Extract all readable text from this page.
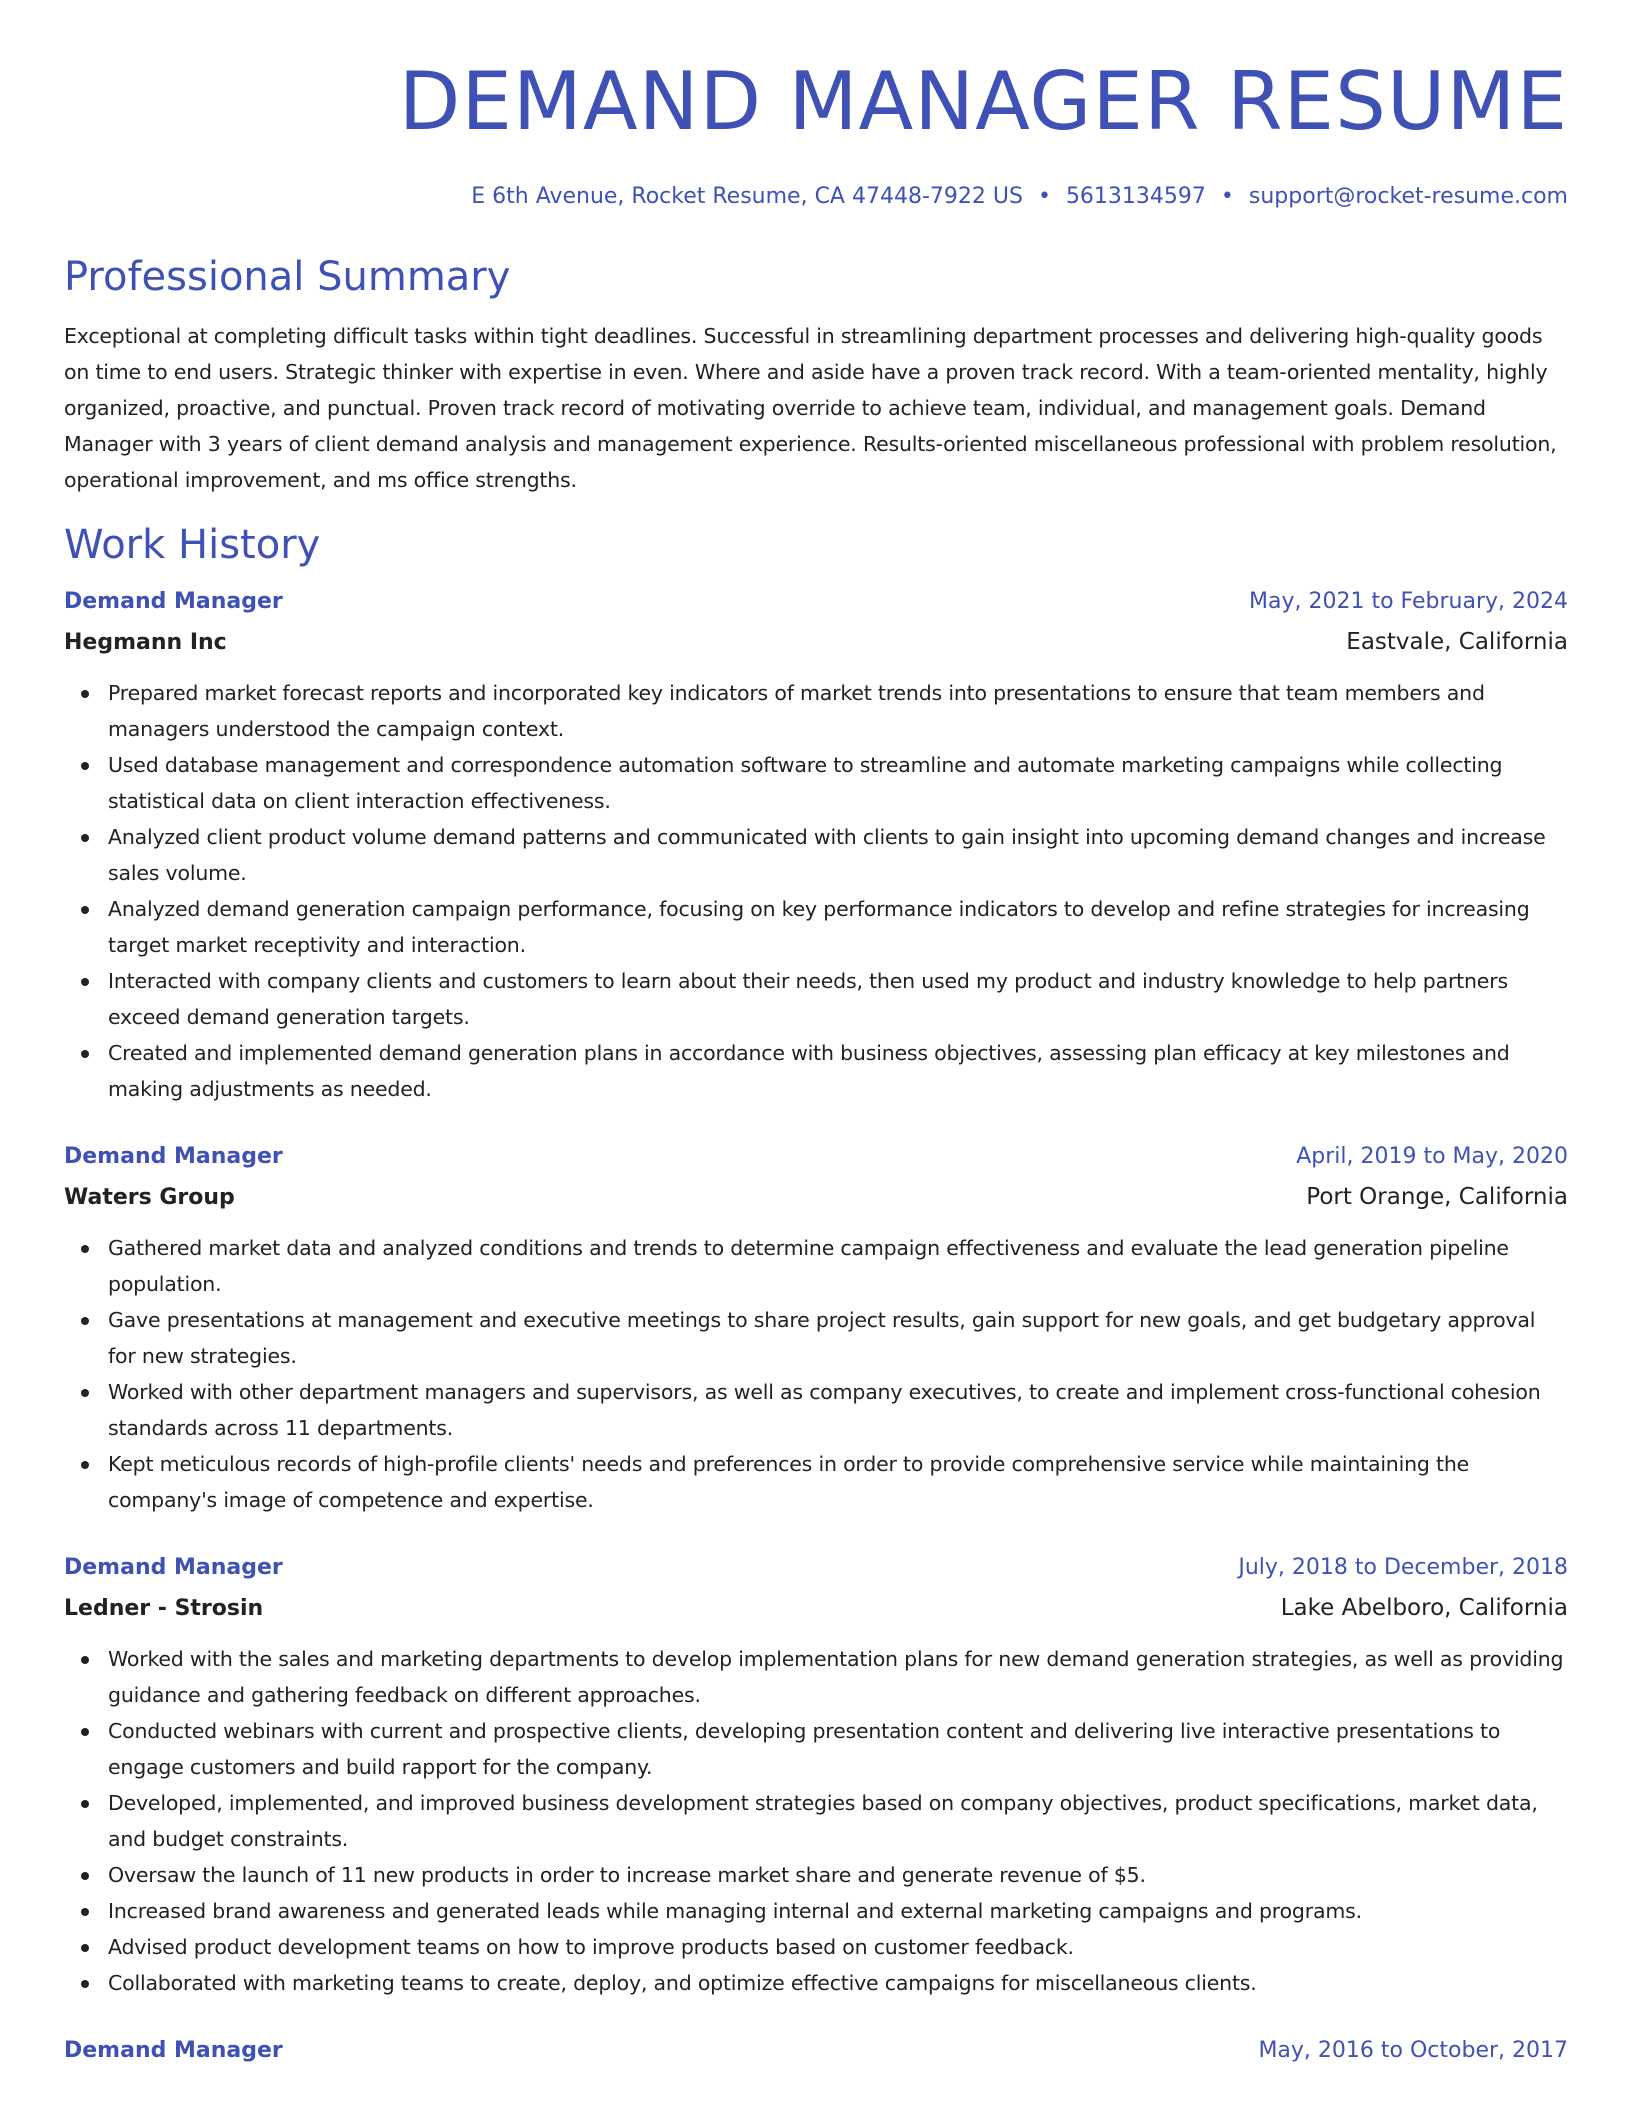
DEMAND MANAGER RESUME
E 6th Avenue, Rocket Resume, CA 47448-7922 US • 5613134597 • support@rocket-resume.com
Professional Summary
Exceptional at completing difficult tasks within tight deadlines. Successful in streamlining department processes and delivering high-quality goods on time to end users. Strategic thinker with expertise in even. Where and aside have a proven track record. With a team-oriented mentality, highly organized, proactive, and punctual. Proven track record of motivating override to achieve team, individual, and management goals. Demand Manager with 3 years of client demand analysis and management experience. Results-oriented miscellaneous professional with problem resolution, operational improvement, and ms office strengths.
Work History
Demand Manager	May, 2021 to February, 2024
Hegmann Inc	Eastvale, California
Prepared market forecast reports and incorporated key indicators of market trends into presentations to ensure that team members and managers understood the campaign context.
Used database management and correspondence automation software to streamline and automate marketing campaigns while collecting statistical data on client interaction effectiveness.
Analyzed client product volume demand patterns and communicated with clients to gain insight into upcoming demand changes and increase sales volume.
Analyzed demand generation campaign performance, focusing on key performance indicators to develop and refine strategies for increasing target market receptivity and interaction.
Interacted with company clients and customers to learn about their needs, then used my product and industry knowledge to help partners exceed demand generation targets.
Created and implemented demand generation plans in accordance with business objectives, assessing plan efficacy at key milestones and making adjustments as needed.
Demand Manager	April, 2019 to May, 2020
Waters Group	Port Orange, California
Gathered market data and analyzed conditions and trends to determine campaign effectiveness and evaluate the lead generation pipeline population.
Gave presentations at management and executive meetings to share project results, gain support for new goals, and get budgetary approval for new strategies.
Worked with other department managers and supervisors, as well as company executives, to create and implement cross-functional cohesion standards across 11 departments.
Kept meticulous records of high-profile clients' needs and preferences in order to provide comprehensive service while maintaining the company's image of competence and expertise.
Demand Manager	July, 2018 to December, 2018
Ledner - Strosin	Lake Abelboro, California
Worked with the sales and marketing departments to develop implementation plans for new demand generation strategies, as well as providing guidance and gathering feedback on different approaches.
Conducted webinars with current and prospective clients, developing presentation content and delivering live interactive presentations to engage customers and build rapport for the company.
Developed, implemented, and improved business development strategies based on company objectives, product specifications, market data, and budget constraints.
Oversaw the launch of 11 new products in order to increase market share and generate revenue of $5.
Increased brand awareness and generated leads while managing internal and external marketing campaigns and programs.
Advised product development teams on how to improve products based on customer feedback.
Collaborated with marketing teams to create, deploy, and optimize effective campaigns for miscellaneous clients.
Demand Manager	May, 2016 to October, 2017
